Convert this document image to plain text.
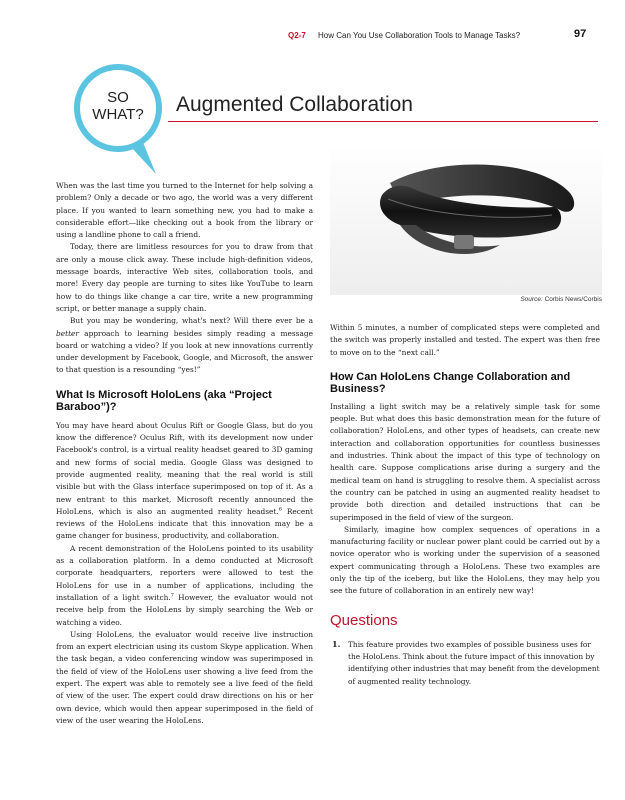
Q2-7 How Can You Use Collaboration Tools to Manage Tasks?	97
SO
WHAT? Augmented Collaboration
Source: Corbis News/Corbis

When was the last time you turned to the Internet for help solving a problem? Only a decade or two ago, the world was a very different place. If you wanted to learn something new, you had to make a considerable effort—like checking out a book from the library or using a landline phone to call a friend.

Today, there are limitless resources for you to draw from that are only a mouse click away. These include high-definition videos, message boards, interactive Web sites, collaboration tools, and more! Every day people are turning to sites like YouTube to learn how to do things like change a car tire, write a new programming script, or better manage a supply chain.

But you may be wondering, what's next? Will there ever be a better approach to learning besides simply reading a message board or watching a video? If you look at new innovations currently under development by Facebook, Google, and Microsoft, the answer to that question is a resounding “yes!”

What Is Microsoft HoloLens (aka “Project Baraboo”)?

You may have heard about Oculus Rift or Google Glass, but do you know the difference? Oculus Rift, with its development now under Facebook's control, is a virtual reality headset geared to 3D gaming and new forms of social media. Google Glass was designed to provide augmented reality, meaning that the real world is still visible but with the Glass interface superimposed on top of it. As a new entrant to this market, Microsoft recently announced the HoloLens, which is also an augmented reality headset.$^6$ Recent reviews of the HoloLens indicate that this innovation may be a game changer for business, productivity, and collaboration.

A recent demonstration of the HoloLens pointed to its usability as a collaboration platform. In a demo conducted at Microsoft corporate headquarters, reporters were allowed to test the HoloLens for use in a number of applications, including the installation of a light switch.$^7$ However, the evaluator would not receive help from the HoloLens by simply searching the Web or watching a video.

Using HoloLens, the evaluator would receive live instruction from an expert electrician using its custom Skype application. When the task began, a video conferencing window was superimposed in the field of view of the HoloLens user showing a live feed from the expert. The expert was able to remotely see a live feed of the field of view of the user. The expert could draw directions on his or her own device, which would then appear superimposed in the field of view of the user wearing the HoloLens.

Within 5 minutes, a number of complicated steps were completed and the switch was properly installed and tested. The expert was then free to move on to the “next call.”

How Can HoloLens Change Collaboration and Business?

Installing a light switch may be a relatively simple task for some people. But what does this basic demonstration mean for the future of collaboration? HoloLens, and other types of headsets, can create new interaction and collaboration opportunities for countless businesses and industries. Think about the impact of this type of technology on health care. Suppose complications arise during a surgery and the medical team on hand is struggling to resolve them. A specialist across the country can be patched in using an augmented reality headset to provide both direction and detailed instructions that can be superimposed in the field of view of the surgeon.

Similarly, imagine how complex sequences of operations in a manufacturing facility or nuclear power plant could be carried out by a novice operator who is working under the supervision of a seasoned expert communicating through a HoloLens. These two examples are only the tip of the iceberg, but like the HoloLens, they may help you see the future of collaboration in an entirely new way!

Questions
1. This feature provides two examples of possible business uses for the HoloLens. Think about the future impact of this innovation by identifying other industries that may benefit from the development of augmented reality technology.
